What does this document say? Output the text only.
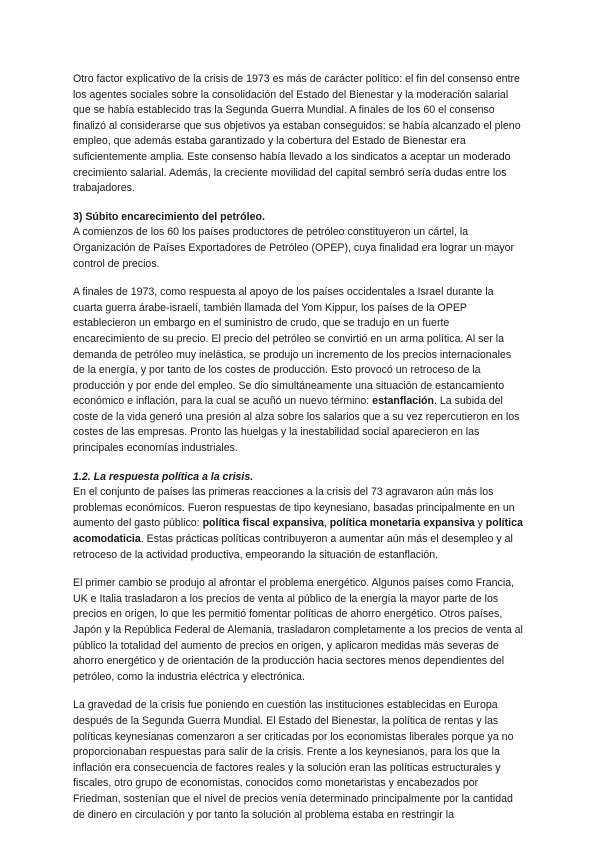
Otro factor explicativo de la crisis de 1973 es más de carácter político: el fin del consenso entre los agentes sociales sobre la consolidación del Estado del Bienestar y la moderación salarial que se había establecido tras la Segunda Guerra Mundial. A finales de los 60 el consenso finalizó al considerarse que sus objetivos ya estaban conseguidos: se había alcanzado el pleno empleo, que además estaba garantizado y la cobertura del Estado de Bienestar era suficientemente amplia. Este consenso había llevado a los sindicatos a aceptar un moderado crecimiento salarial. Además, la creciente movilidad del capital sembró sería dudas entre los trabajadores.

3) Súbito encarecimiento del petróleo.

A comienzos de los 60 los países productores de petróleo constituyeron un cártel, la Organización de Países Exportadores de Petróleo (OPEP), cuya finalidad era lograr un mayor control de precios.

A finales de 1973, como respuesta al apoyo de los países occidentales a Israel durante la cuarta guerra árabe-israelí, también llamada del Yom Kippur, los países de la OPEP establecieron un embargo en el suministro de crudo, que se tradujo en un fuerte encarecimiento de su precio. El precio del petróleo se convirtió en un arma política. Al ser la demanda de petróleo muy inelástica, se produjo un incremento de los precios internacionales de la energía, y por tanto de los costes de producción. Esto provocó un retroceso de la producción y por ende del empleo. Se dio simultáneamente una situación de estancamiento económico e inflación, para la cual se acuñó un nuevo término: estanflación. La subida del coste de la vida generó una presión al alza sobre los salarios que a su vez repercutieron en los costes de las empresas. Pronto las huelgas y la inestabilidad social aparecieron en las principales economías industriales.

1.2. La respuesta política a la crisis.

En el conjunto de países las primeras reacciones a la crisis del 73 agravaron aún más los problemas económicos. Fueron respuestas de tipo keynesiano, basadas principalmente en un aumento del gasto público: política fiscal expansiva, política monetaria expansiva y política acomodaticia. Estas prácticas políticas contribuyeron a aumentar aún más el desempleo y al retroceso de la actividad productiva, empeorando la situación de estanflación.

El primer cambio se produjo al afrontar el problema energético. Algunos países como Francia, UK e Italia trasladaron a los precios de venta al público de la energía la mayor parte de los precios en origen, lo que les permitió fomentar políticas de ahorro energético. Otros países, Japón y la República Federal de Alemania, trasladaron completamente a los precios de venta al público la totalidad del aumento de precios en origen, y aplicaron medidas más severas de ahorro energético y de orientación de la producción hacia sectores menos dependientes del petróleo, como la industria eléctrica y electrónica.

La gravedad de la crisis fue poniendo en cuestión las instituciones establecidas en Europa después de la Segunda Guerra Mundial. El Estado del Bienestar, la política de rentas y las políticas keynesianas comenzaron a ser criticadas por los economistas liberales porque ya no proporcionaban respuestas para salir de la crisis. Frente a los keynesianos, para los que la inflación era consecuencia de factores reales y la solución eran las políticas estructurales y fiscales, otro grupo de economistas, conocidos como monetaristas y encabezados por Friedman, sostenían que el nivel de precios venía determinado principalmente por la cantidad de dinero en circulación y por tanto la solución al problema estaba en restringir la
